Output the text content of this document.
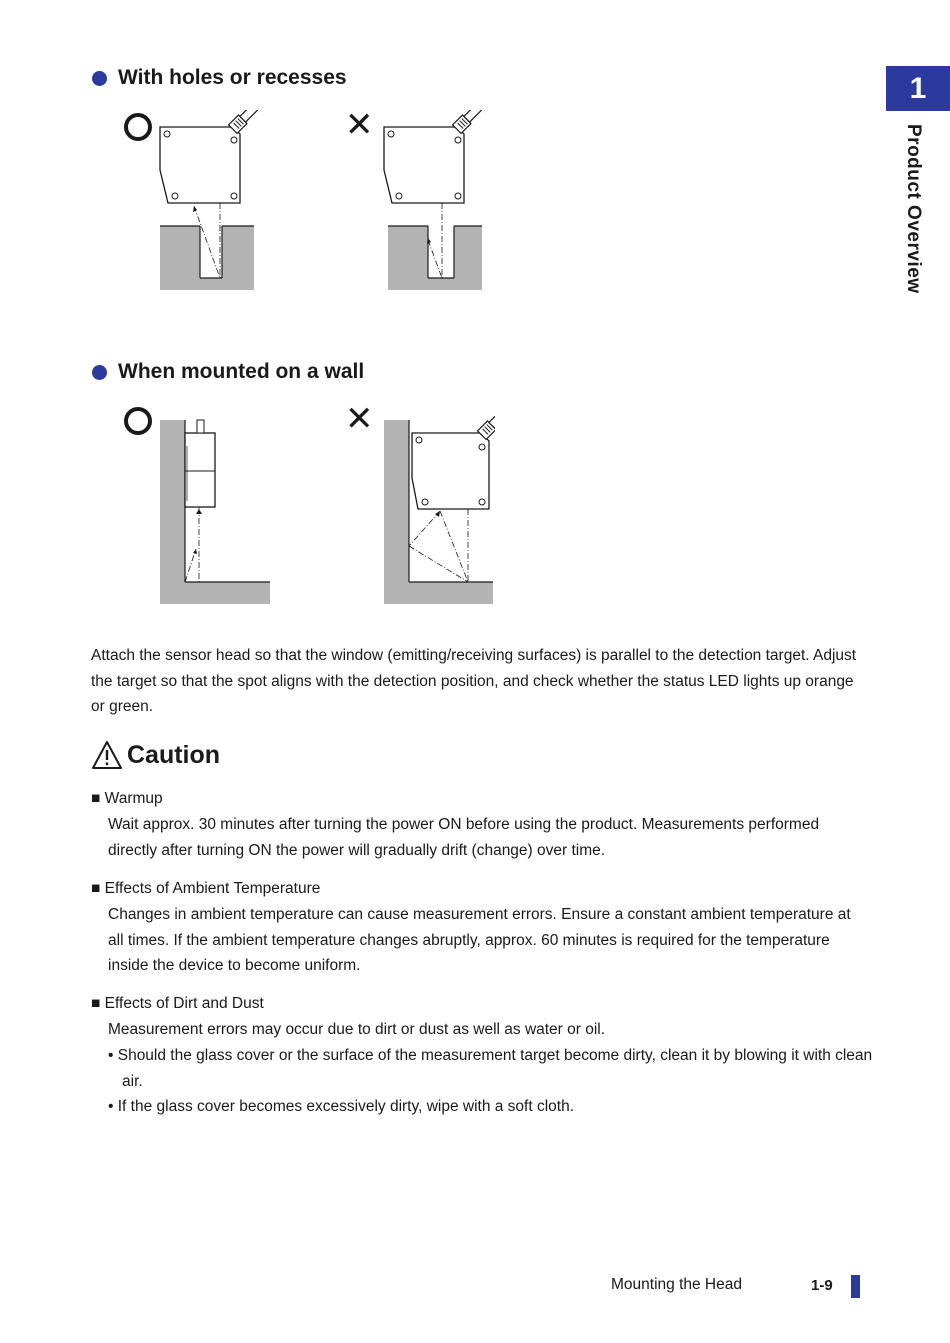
1
Product Overview
With holes or recesses
✕
When mounted on a wall
✕
Attach the sensor head so that the window (emitting/receiving surfaces) is parallel to the detection target. Adjust the target so that the spot aligns with the detection position, and check whether the status LED lights up orange or green.
Caution
■ Warmup
Wait approx. 30 minutes after turning the power ON before using the product. Measurements performed directly after turning ON the power will gradually drift (change) over time.
■ Effects of Ambient Temperature
Changes in ambient temperature can cause measurement errors. Ensure a constant ambient temperature at all times. If the ambient temperature changes abruptly, approx. 60 minutes is required for the temperature inside the device to become uniform.
■ Effects of Dirt and Dust
Measurement errors may occur due to dirt or dust as well as water or oil.
• Should the glass cover or the surface of the measurement target become dirty, clean it by blowing it with clean air.
• If the glass cover becomes excessively dirty, wipe with a soft cloth.
Mounting the Head	1-9
